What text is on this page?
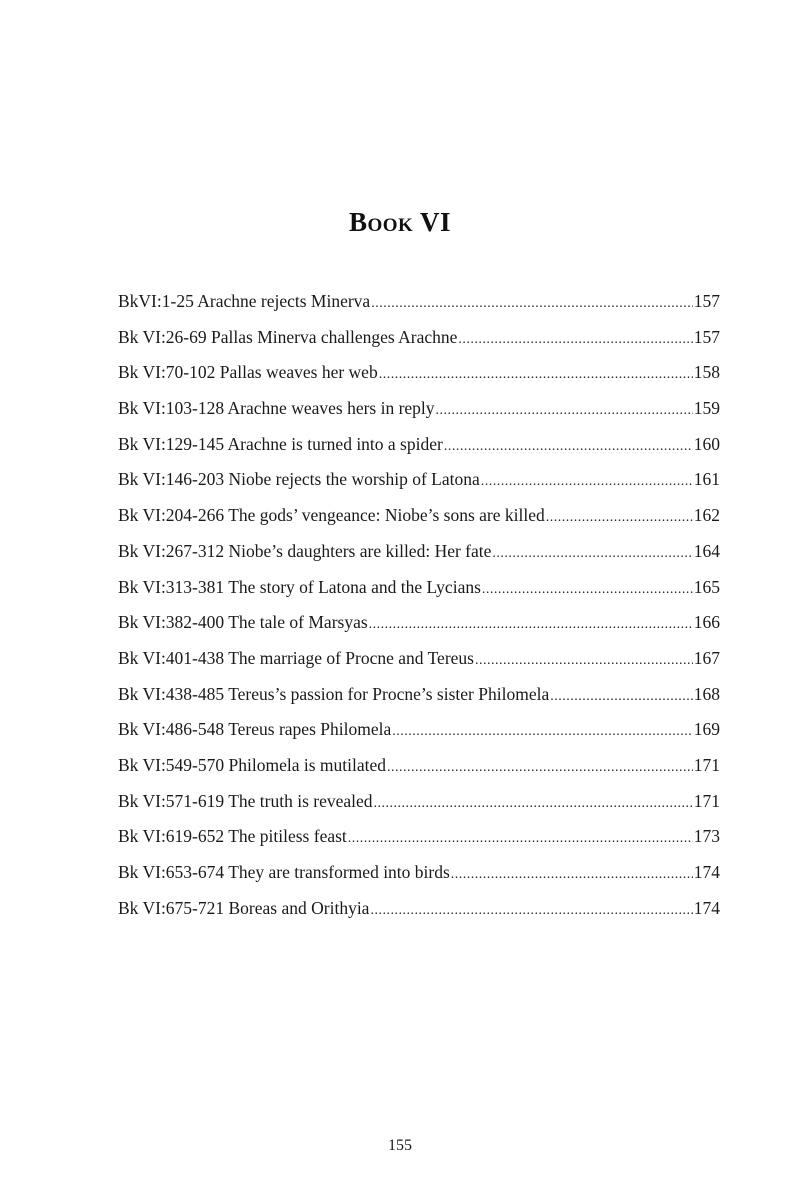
Book VI
BkVI:1-25 Arachne rejects Minerva .....	157
Bk VI:26-69 Pallas Minerva challenges Arachne .....	157
Bk VI:70-102 Pallas weaves her web .....	158
Bk VI:103-128 Arachne weaves hers in reply .....	159
Bk VI:129-145 Arachne is turned into a spider .....	160
Bk VI:146-203 Niobe rejects the worship of Latona .....	161
Bk VI:204-266 The gods’ vengeance: Niobe’s sons are killed .....	162
Bk VI:267-312 Niobe’s daughters are killed: Her fate .....	164
Bk VI:313-381 The story of Latona and the Lycians .....	165
Bk VI:382-400 The tale of Marsyas .....	166
Bk VI:401-438 The marriage of Procne and Tereus .....	167
Bk VI:438-485 Tereus’s passion for Procne’s sister Philomela .....	168
Bk VI:486-548 Tereus rapes Philomela .....	169
Bk VI:549-570 Philomela is mutilated .....	171
Bk VI:571-619 The truth is revealed .....	171
Bk VI:619-652 The pitiless feast .....	173
Bk VI:653-674 They are transformed into birds .....	174
Bk VI:675-721 Boreas and Orithyia .....	174
155
